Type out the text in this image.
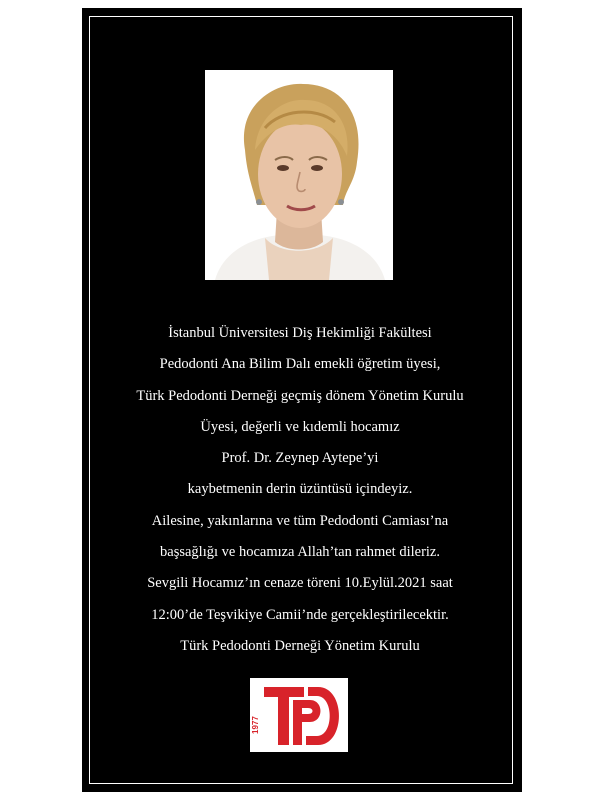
İstanbul Üniversitesi Diş Hekimliği Fakültesi
Pedodonti Ana Bilim Dalı emekli öğretim üyesi,
Türk Pedodonti Derneği geçmiş dönem Yönetim Kurulu
Üyesi, değerli ve kıdemli hocamız
Prof. Dr. Zeynep Aytepe’yi
kaybetmenin derin üzüntüsü içindeyiz.
Ailesine, yakınlarına ve tüm Pedodonti Camiası’na
başsağlığı ve hocamıza Allah’tan rahmet dileriz.
Sevgili Hocamız’ın cenaze töreni 10.Eylül.2021 saat
12:00’de Teşvikiye Camii’nde gerçekleştirilecektir.
Türk Pedodonti Derneği Yönetim Kurulu
1977
